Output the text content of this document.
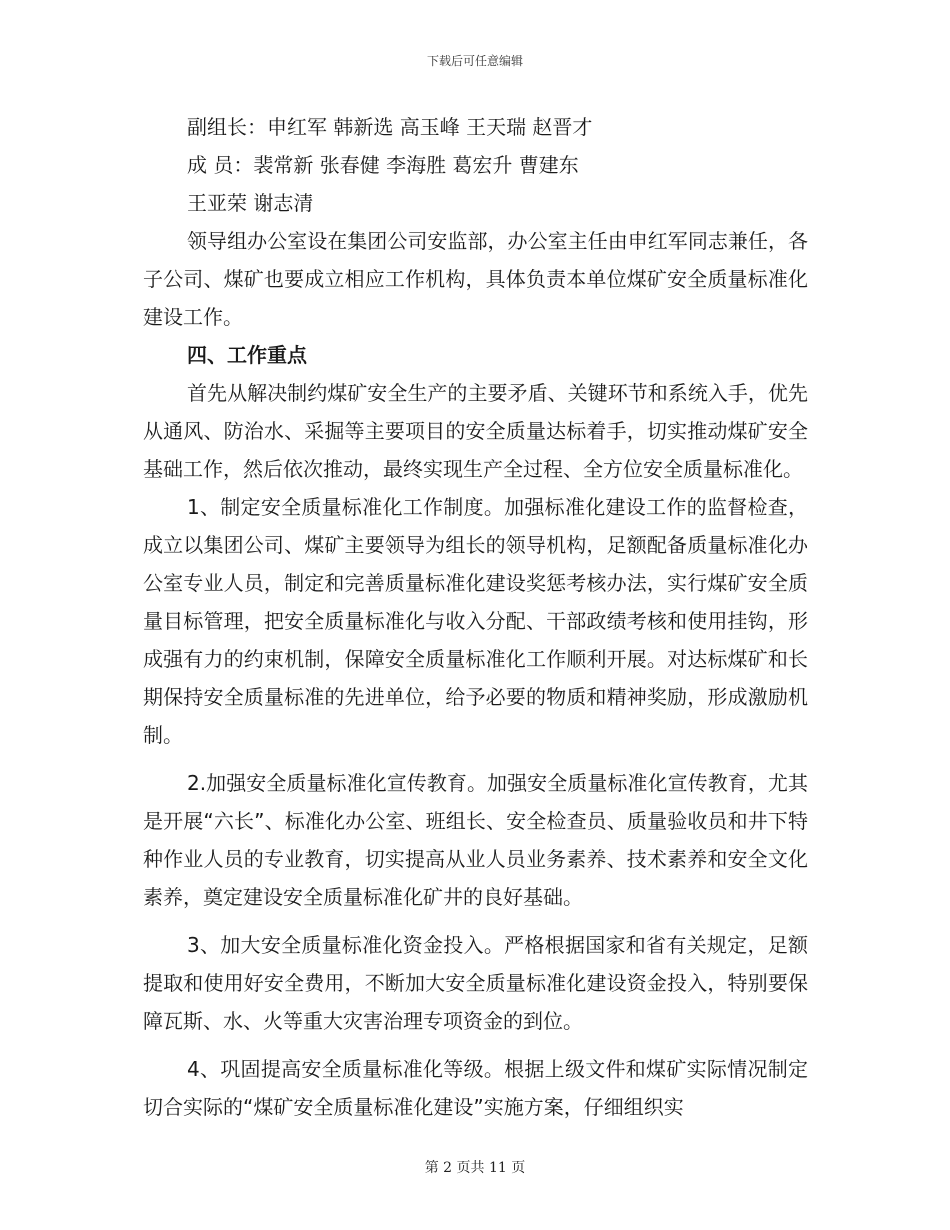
下载后可任意编辑

副组长：申红军 韩新选 高玉峰 王天瑞 赵晋才

成 员：裴常新 张春健 李海胜 葛宏升 曹建东

王亚荣 谢志清

领导组办公室设在集团公司安监部，办公室主任由申红军同志兼任，各子公司、煤矿也要成立相应工作机构，具体负责本单位煤矿安全质量标准化建设工作。

四、工作重点

首先从解决制约煤矿安全生产的主要矛盾、关键环节和系统入手，优先从通风、防治水、采掘等主要项目的安全质量达标着手，切实推动煤矿安全基础工作，然后依次推动，最终实现生产全过程、全方位安全质量标准化。

1、制定安全质量标准化工作制度。加强标准化建设工作的监督检查，成立以集团公司、煤矿主要领导为组长的领导机构，足额配备质量标准化办公室专业人员，制定和完善质量标准化建设奖惩考核办法，实行煤矿安全质量目标管理，把安全质量标准化与收入分配、干部政绩考核和使用挂钩，形成强有力的约束机制，保障安全质量标准化工作顺利开展。对达标煤矿和长期保持安全质量标准的先进单位，给予必要的物质和精神奖励，形成激励机制。

2.加强安全质量标准化宣传教育。加强安全质量标准化宣传教育，尤其是开展“六长”、标准化办公室、班组长、安全检查员、质量验收员和井下特种作业人员的专业教育，切实提高从业人员业务素养、技术素养和安全文化素养，奠定建设安全质量标准化矿井的良好基础。

3、加大安全质量标准化资金投入。严格根据国家和省有关规定，足额提取和使用好安全费用，不断加大安全质量标准化建设资金投入，特别要保障瓦斯、水、火等重大灾害治理专项资金的到位。

4、巩固提高安全质量标准化等级。根据上级文件和煤矿实际情况制定切合实际的“煤矿安全质量标准化建设”实施方案，仔细组织实

第 2 页共 11 页
